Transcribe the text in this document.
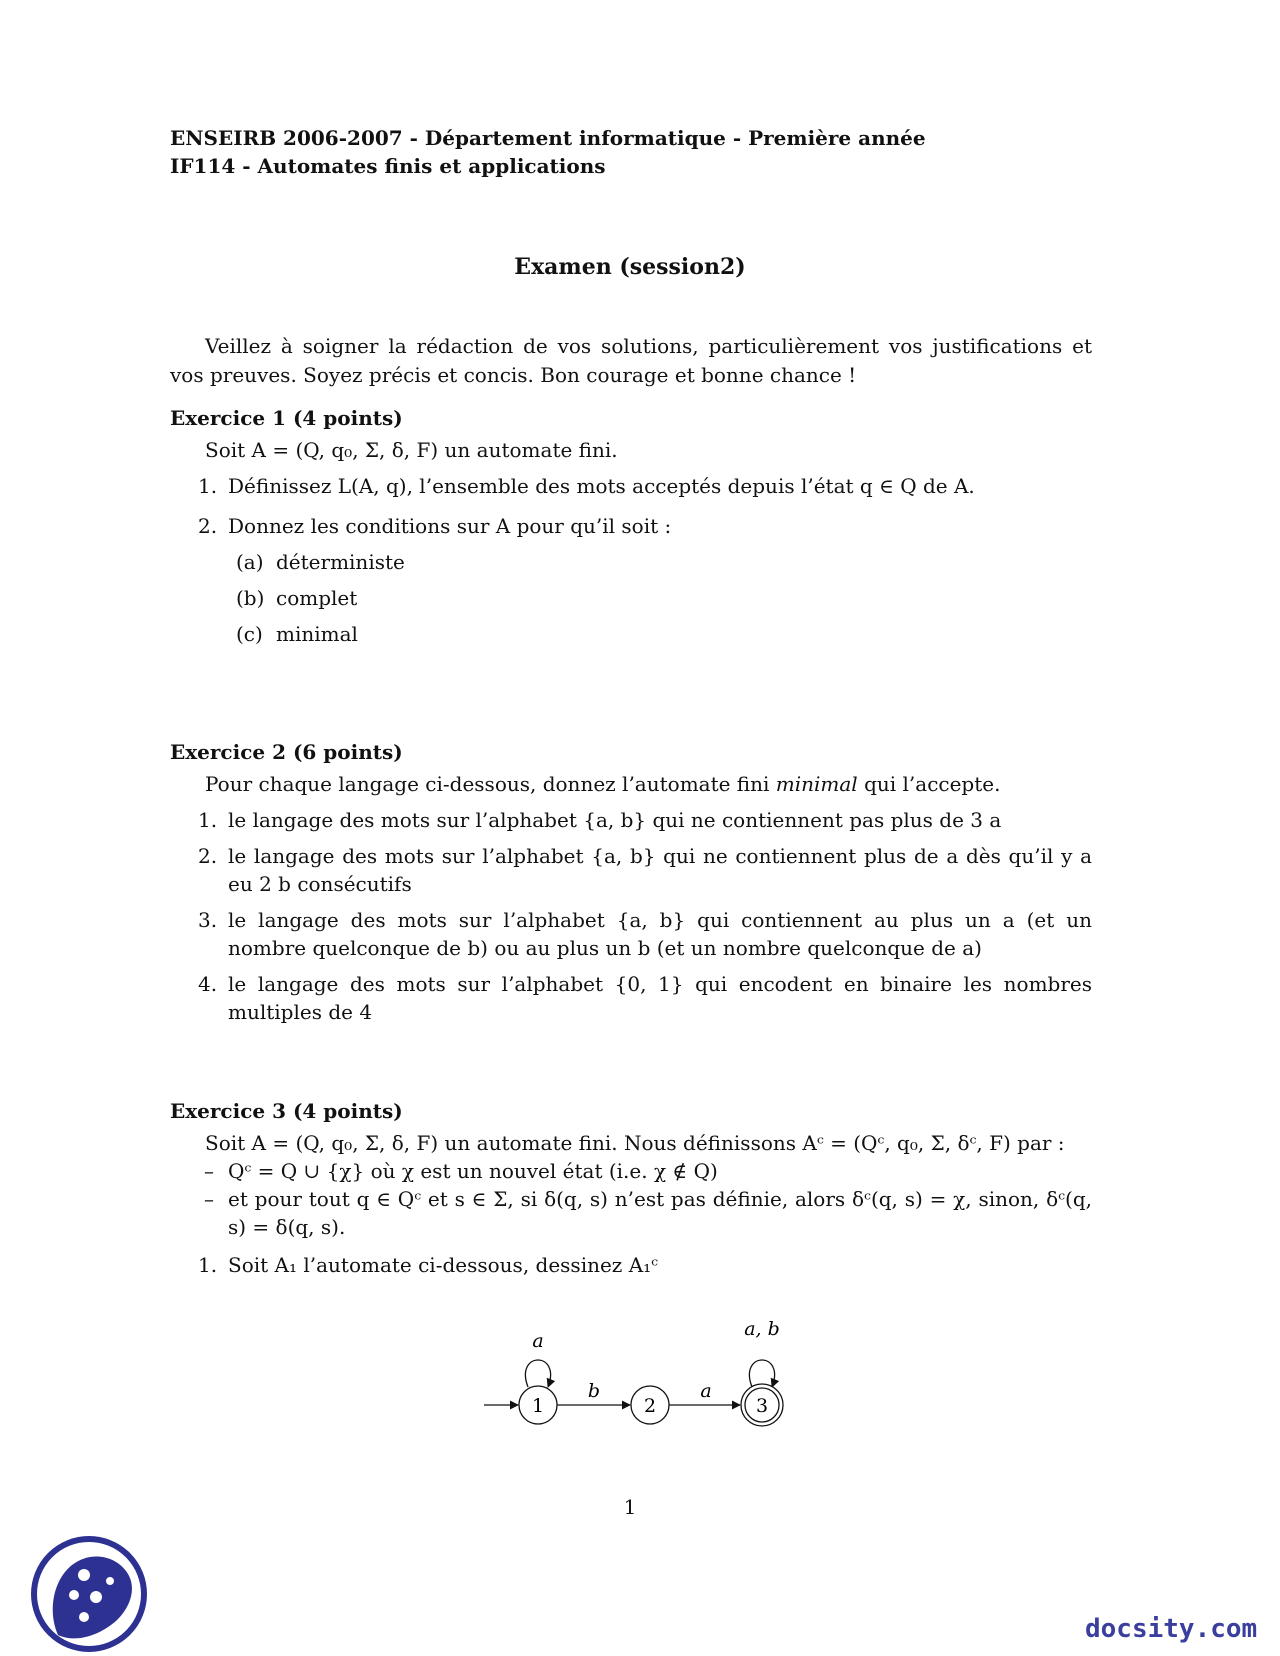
ENSEIRB 2006-2007 - Département informatique - Première année
IF114 - Automates finis et applications
Examen (session2)

Veillez à soigner la rédaction de vos solutions, particulièrement vos justifications et vos preuves. Soyez précis et concis. Bon courage et bonne chance !

Exercice 1 (4 points)
Soit A = (Q, q₀, Σ, δ, F) un automate fini.
1. Définissez L(A, q), l’ensemble des mots acceptés depuis l’état q ∈ Q de A.
2. Donnez les conditions sur A pour qu’il soit :
(a) déterministe
(b) complet
(c) minimal
Exercice 2 (6 points)
Pour chaque langage ci-dessous, donnez l’automate fini minimal qui l’accepte.
1. le langage des mots sur l’alphabet {a, b} qui ne contiennent pas plus de 3 a
2. le langage des mots sur l’alphabet {a, b} qui ne contiennent plus de a dès qu’il y a eu 2 b consécutifs
3. le langage des mots sur l’alphabet {a, b} qui contiennent au plus un a (et un nombre quelconque de b) ou au plus un b (et un nombre quelconque de a)
4. le langage des mots sur l’alphabet {0, 1} qui encodent en binaire les nombres multiples de 4
Exercice 3 (4 points)
Soit A = (Q, q₀, Σ, δ, F) un automate fini. Nous définissons Aᶜ = (Qᶜ, q₀, Σ, δᶜ, F) par :
– Qᶜ = Q ∪ {χ} où χ est un nouvel état (i.e. χ ∉ Q)
– et pour tout q ∈ Qᶜ et s ∈ Σ, si δ(q, s) n’est pas définie, alors δᶜ(q, s) = χ, sinon, δᶜ(q, s) = δ(q, s).
1. Soit A₁ l’automate ci-dessous, dessinez A₁ᶜ
a
1
b
2
a
a, b
3
1
docsity.com
